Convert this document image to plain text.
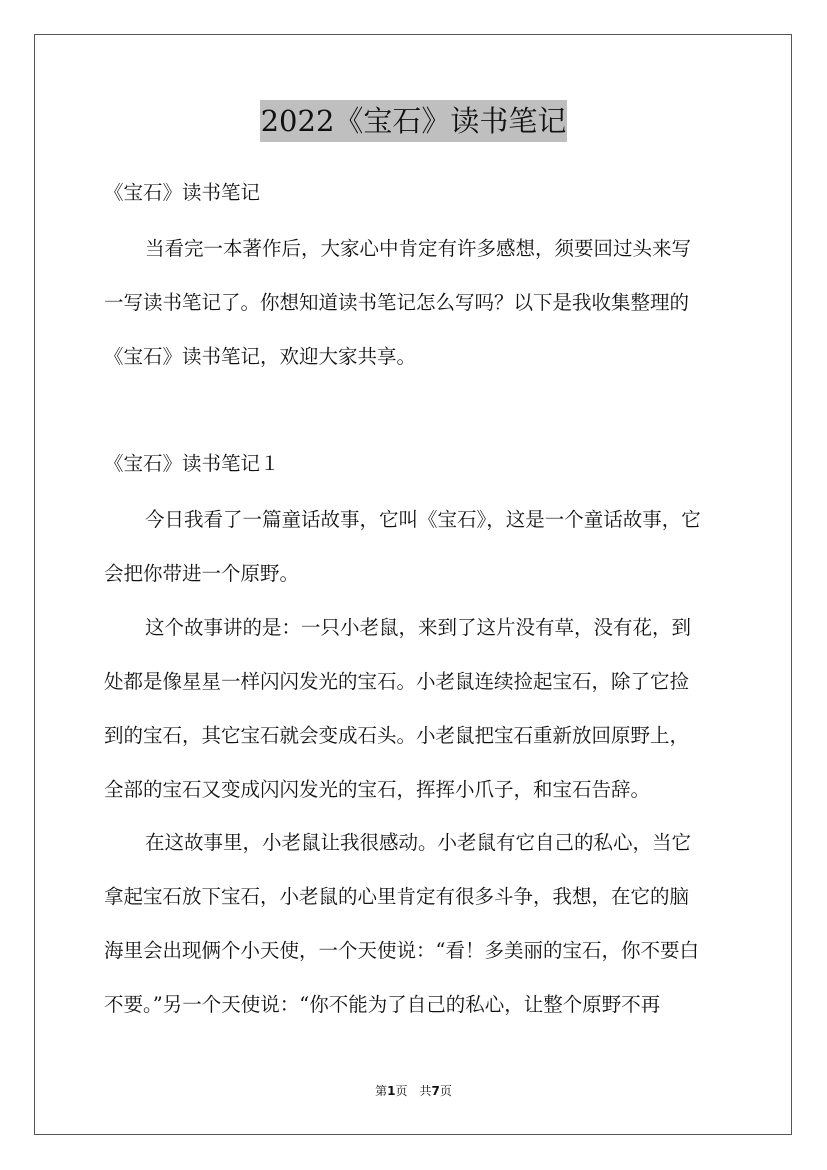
2022《宝石》读书笔记
《宝石》读书笔记
当看完一本著作后，大家心中肯定有许多感想，须要回过头来写
一写读书笔记了。你想知道读书笔记怎么写吗？以下是我收集整理的
《宝石》读书笔记，欢迎大家共享。
《宝石》读书笔记１
今日我看了一篇童话故事，它叫《宝石》，这是一个童话故事，它
会把你带进一个原野。
这个故事讲的是：一只小老鼠，来到了这片没有草，没有花，到
处都是像星星一样闪闪发光的宝石。小老鼠连续捡起宝石，除了它捡
到的宝石，其它宝石就会变成石头。小老鼠把宝石重新放回原野上，
全部的宝石又变成闪闪发光的宝石，挥挥小爪子，和宝石告辞。
在这故事里，小老鼠让我很感动。小老鼠有它自己的私心，当它
拿起宝石放下宝石，小老鼠的心里肯定有很多斗争，我想，在它的脑
海里会出现俩个小天使，一个天使说：“看！多美丽的宝石，你不要白
不要。”另一个天使说：“你不能为了自己的私心，让整个原野不再
第1页　共7页
